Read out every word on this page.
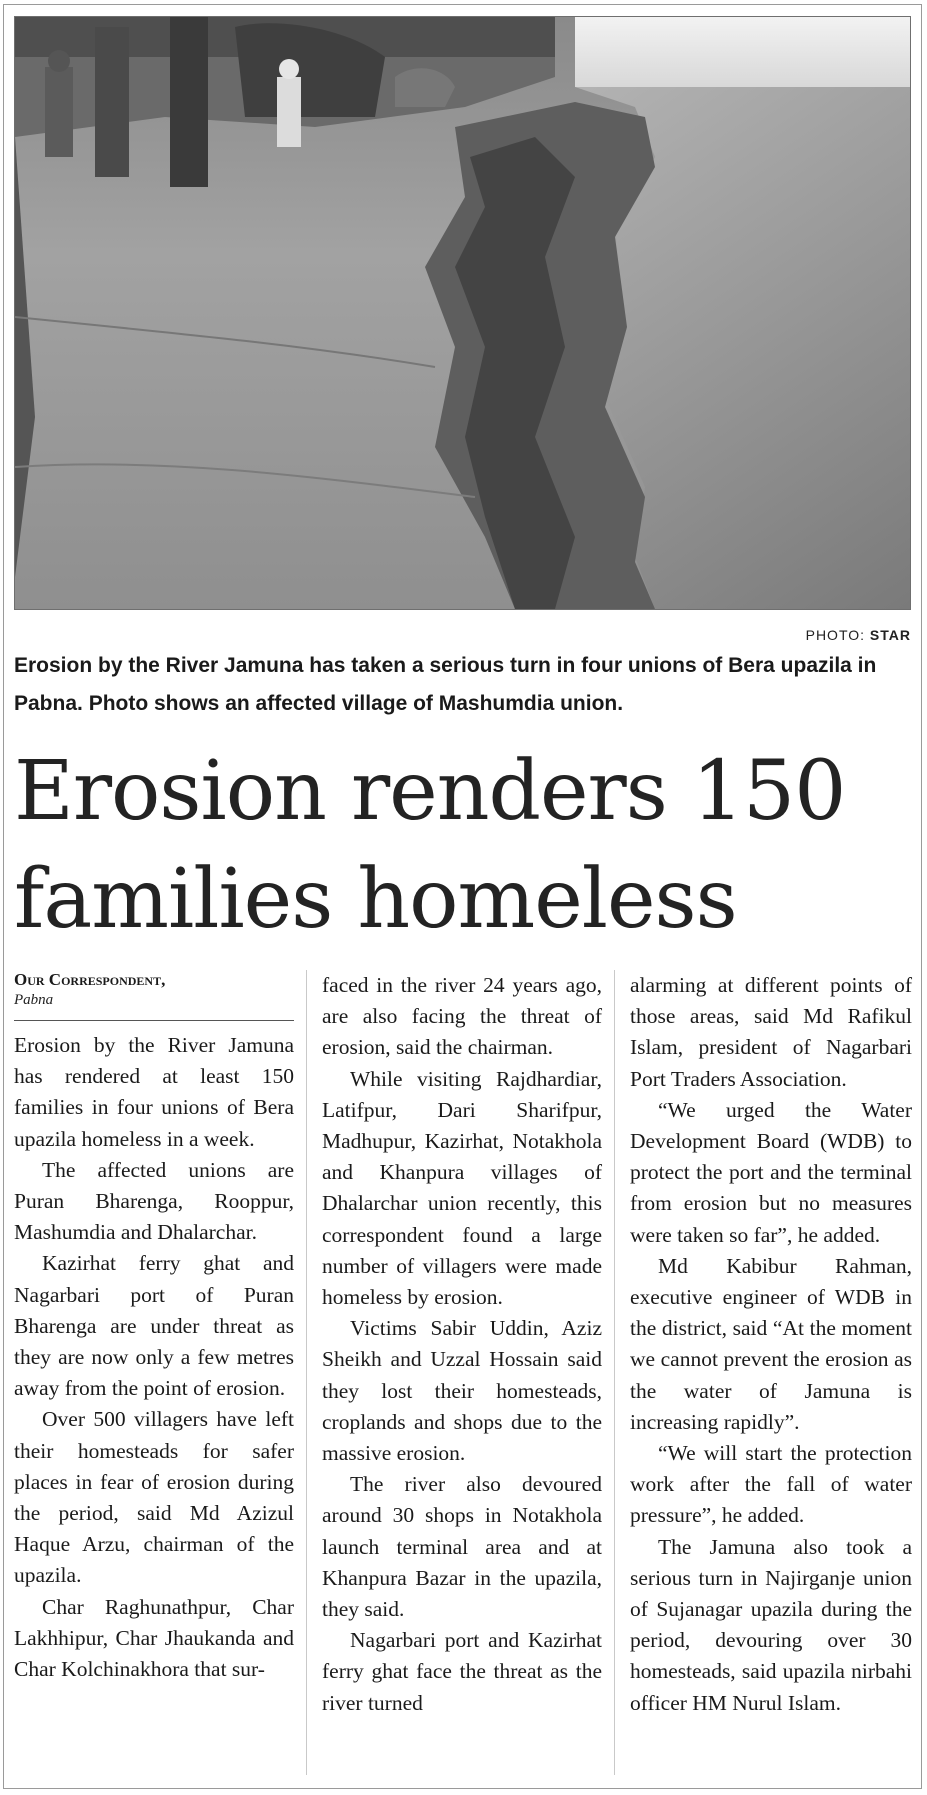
PHOTO: STAR
Erosion by the River Jamuna has taken a serious turn in four unions of Bera upazila in Pabna. Photo shows an affected village of Mashumdia union.
Erosion renders 150
families homeless
Our Correspondent,
Pabna

Erosion by the River Jamuna has rendered at least 150 families in four unions of Bera upazila homeless in a week.

The affected unions are Puran Bharenga, Rooppur, Mashumdia and Dhalarchar.

Kazirhat ferry ghat and Nagarbari port of Puran Bharenga are under threat as they are now only a few metres away from the point of erosion.

Over 500 villagers have left their homesteads for safer places in fear of erosion during the period, said Md Azizul Haque Arzu, chairman of the upazila.

Char Raghunathpur, Char Lakhhipur, Char Jhaukanda and Char Kolchinakhora that sur-

faced in the river 24 years ago, are also facing the threat of erosion, said the chairman.

While visiting Rajdhardiar, Latifpur, Dari Sharifpur, Madhupur, Kazirhat, Notakhola and Khanpura villages of Dhalarchar union recently, this correspondent found a large number of villagers were made homeless by erosion.

Victims Sabir Uddin, Aziz Sheikh and Uzzal Hossain said they lost their homesteads, croplands and shops due to the massive erosion.

The river also devoured around 30 shops in Notakhola launch terminal area and at Khanpura Bazar in the upazila, they said.

Nagarbari port and Kazirhat ferry ghat face the threat as the river turned

alarming at different points of those areas, said Md Rafikul Islam, president of Nagarbari Port Traders Association.

“We urged the Water Development Board (WDB) to protect the port and the terminal from erosion but no measures were taken so far”, he added.

Md Kabibur Rahman, executive engineer of WDB in the district, said “At the moment we cannot prevent the erosion as the water of Jamuna is increasing rapidly”.

“We will start the protection work after the fall of water pressure”, he added.

The Jamuna also took a serious turn in Najirganje union of Sujanagar upazila during the period, devouring over 30 homesteads, said upazila nirbahi officer HM Nurul Islam.
